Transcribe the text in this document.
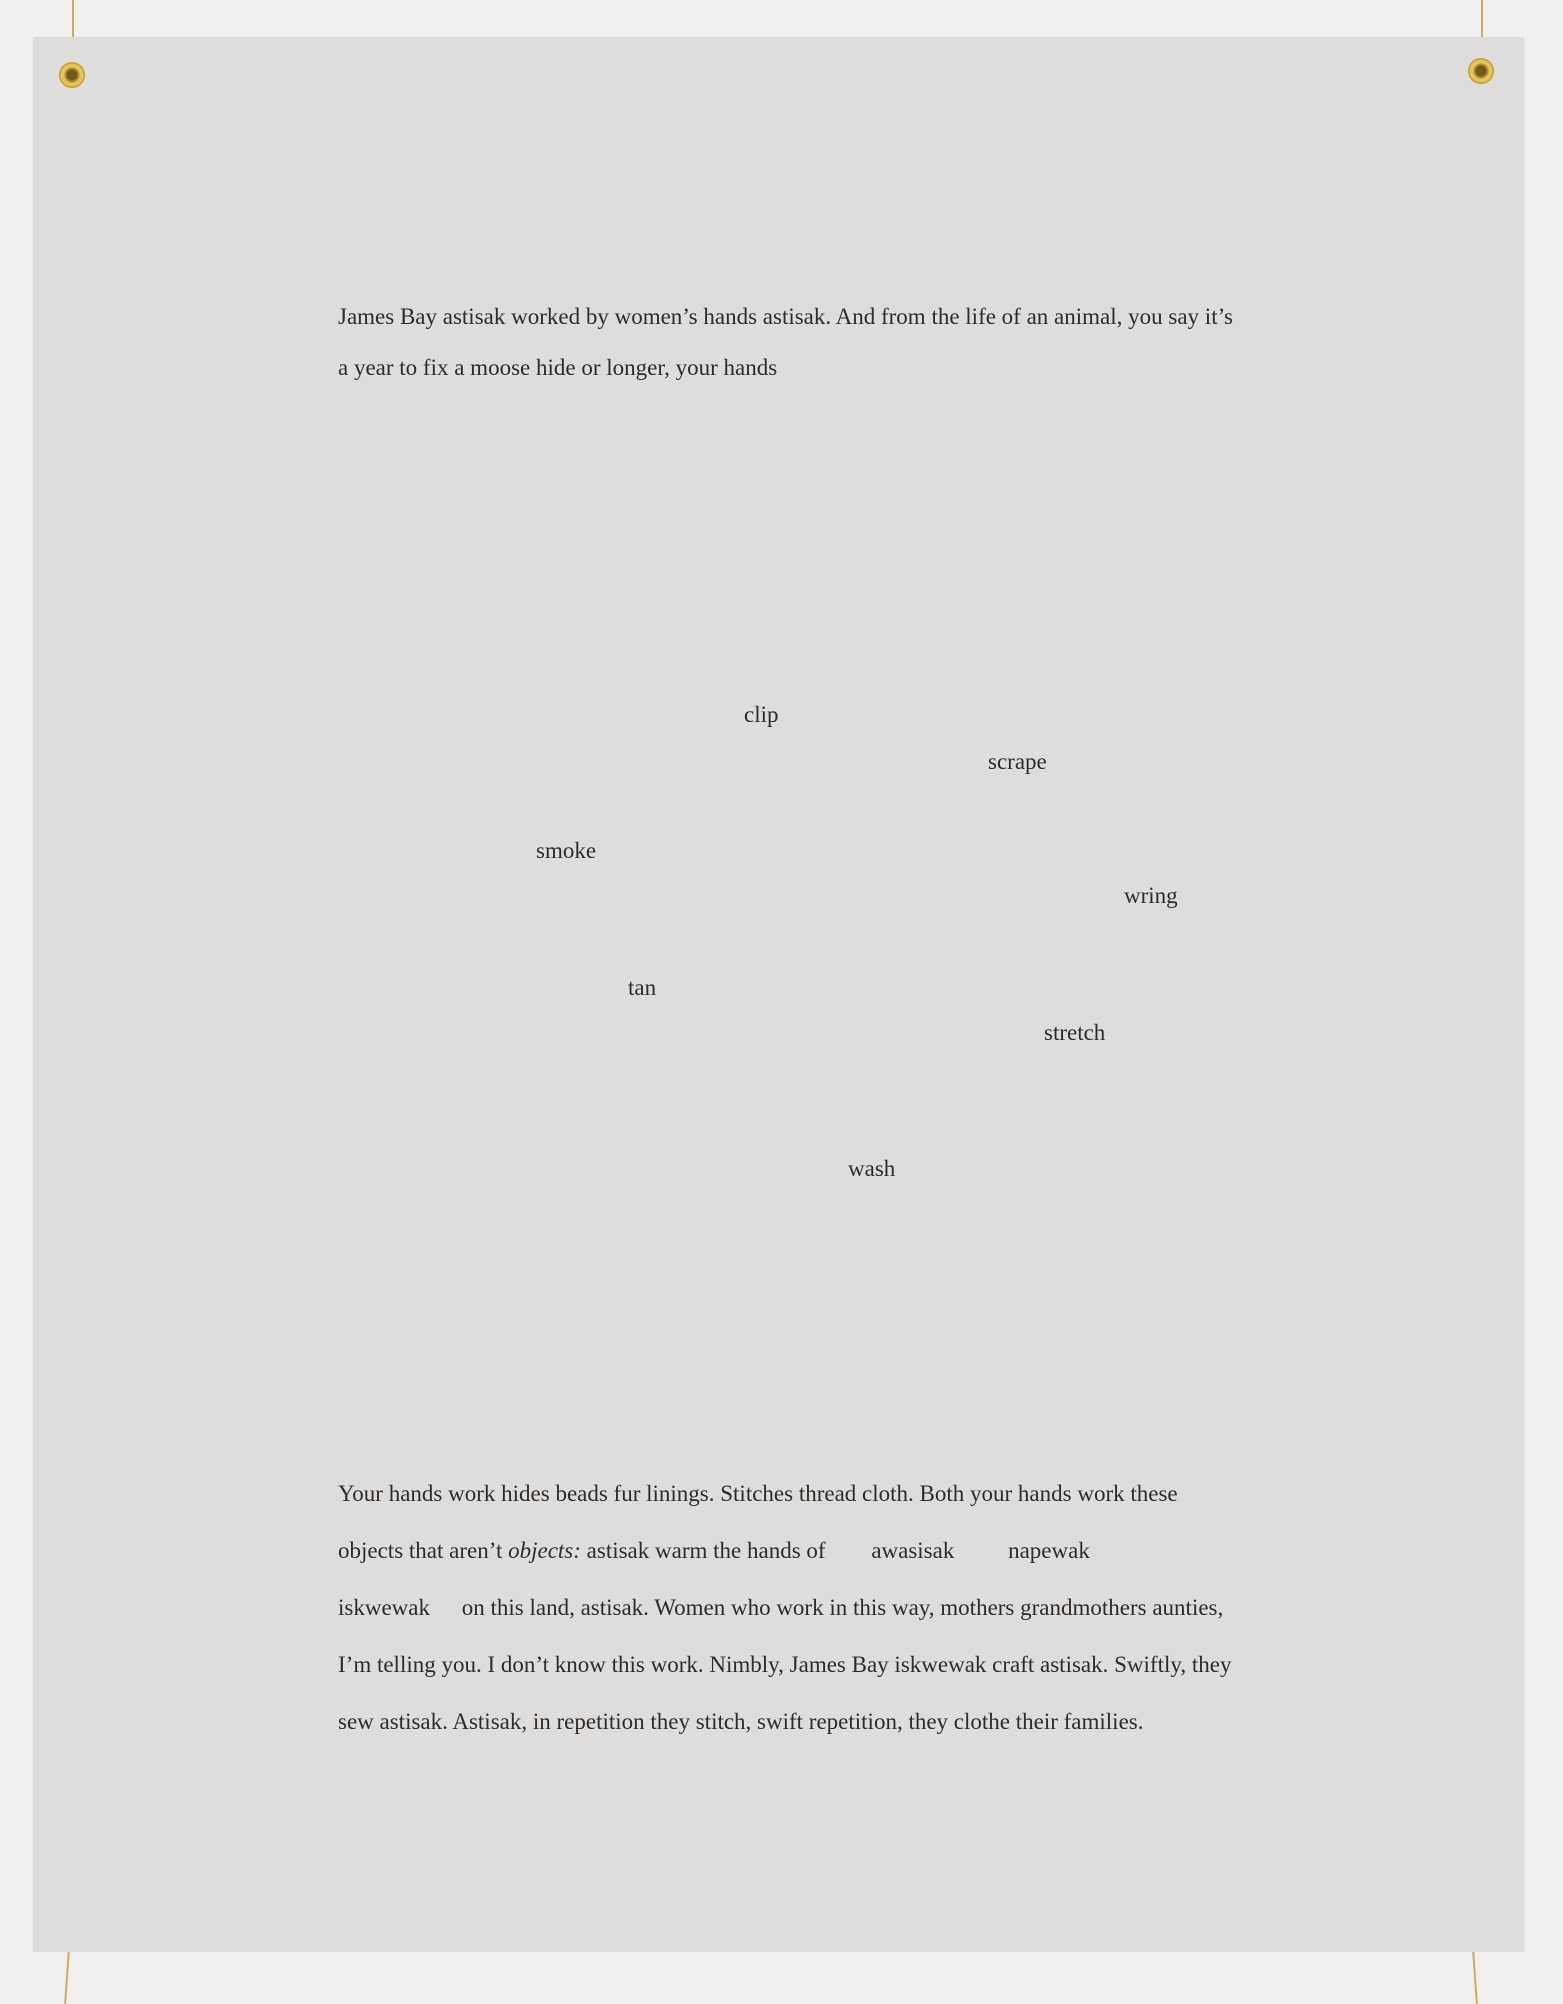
James Bay astisak worked by women’s hands astisak. And from the life of an animal, you say it’s

a year to fix a moose hide or longer, your hands

clip
scrape
smoke
wring
tan
stretch
wash

Your hands work hides beads fur linings. Stitches thread cloth. Both your hands work these

objects that aren’t objects: astisak warm the hands of awasisak napewak

iskwewak on this land, astisak. Women who work in this way, mothers grandmothers aunties,

I’m telling you. I don’t know this work. Nimbly, James Bay iskwewak craft astisak. Swiftly, they

sew astisak. Astisak, in repetition they stitch, swift repetition, they clothe their families.
